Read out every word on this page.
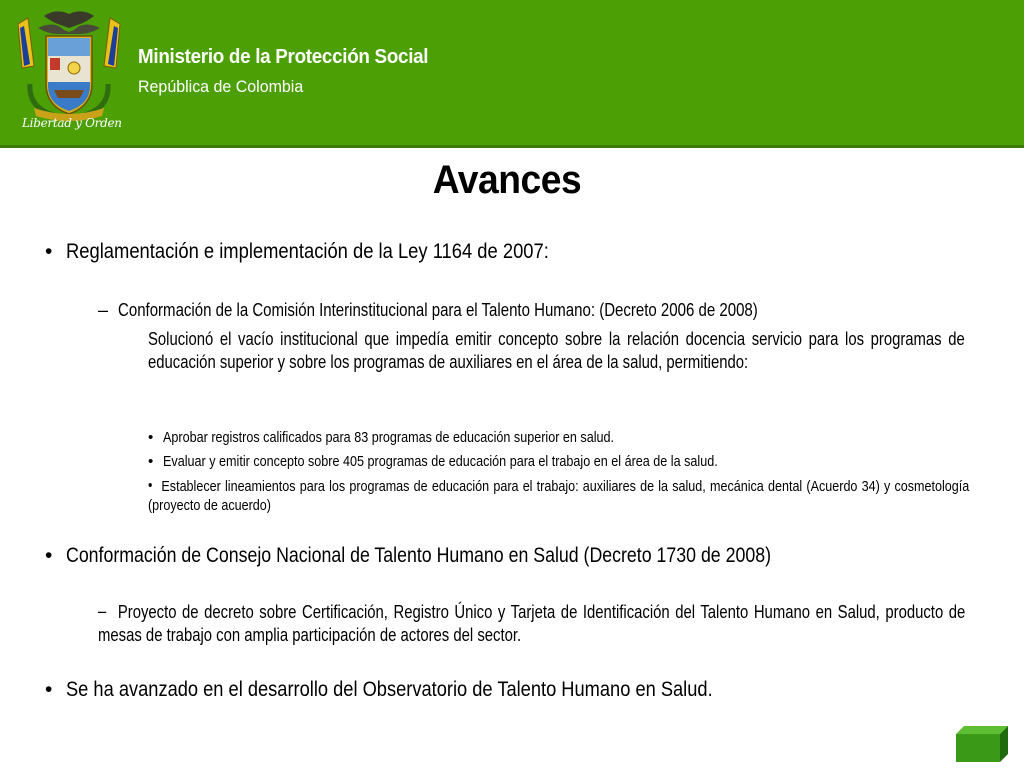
Libertad y Orden
Ministerio de la Protección Social
República de Colombia
Avances
• Reglamentación e implementación de la Ley 1164 de 2007:
– Conformación de la Comisión Interinstitucional para el Talento Humano: (Decreto 2006 de 2008)
Solucionó el vacío institucional que impedía emitir concepto sobre la relación docencia servicio para los programas de educación superior y sobre los programas de auxiliares en el área de la salud, permitiendo:
• Aprobar registros calificados para 83 programas de educación superior en salud.
• Evaluar y emitir concepto sobre 405 programas de educación para el trabajo en el área de la salud.
• Establecer lineamientos para los programas de educación para el trabajo: auxiliares de la salud, mecánica dental (Acuerdo 34) y cosmetología (proyecto de acuerdo)
• Conformación de Consejo Nacional de Talento Humano en Salud (Decreto 1730 de 2008)
– Proyecto de decreto sobre Certificación, Registro Único y Tarjeta de Identificación del Talento Humano en Salud, producto de mesas de trabajo con amplia participación de actores del sector.
• Se ha avanzado en el desarrollo del Observatorio de Talento Humano en Salud.
